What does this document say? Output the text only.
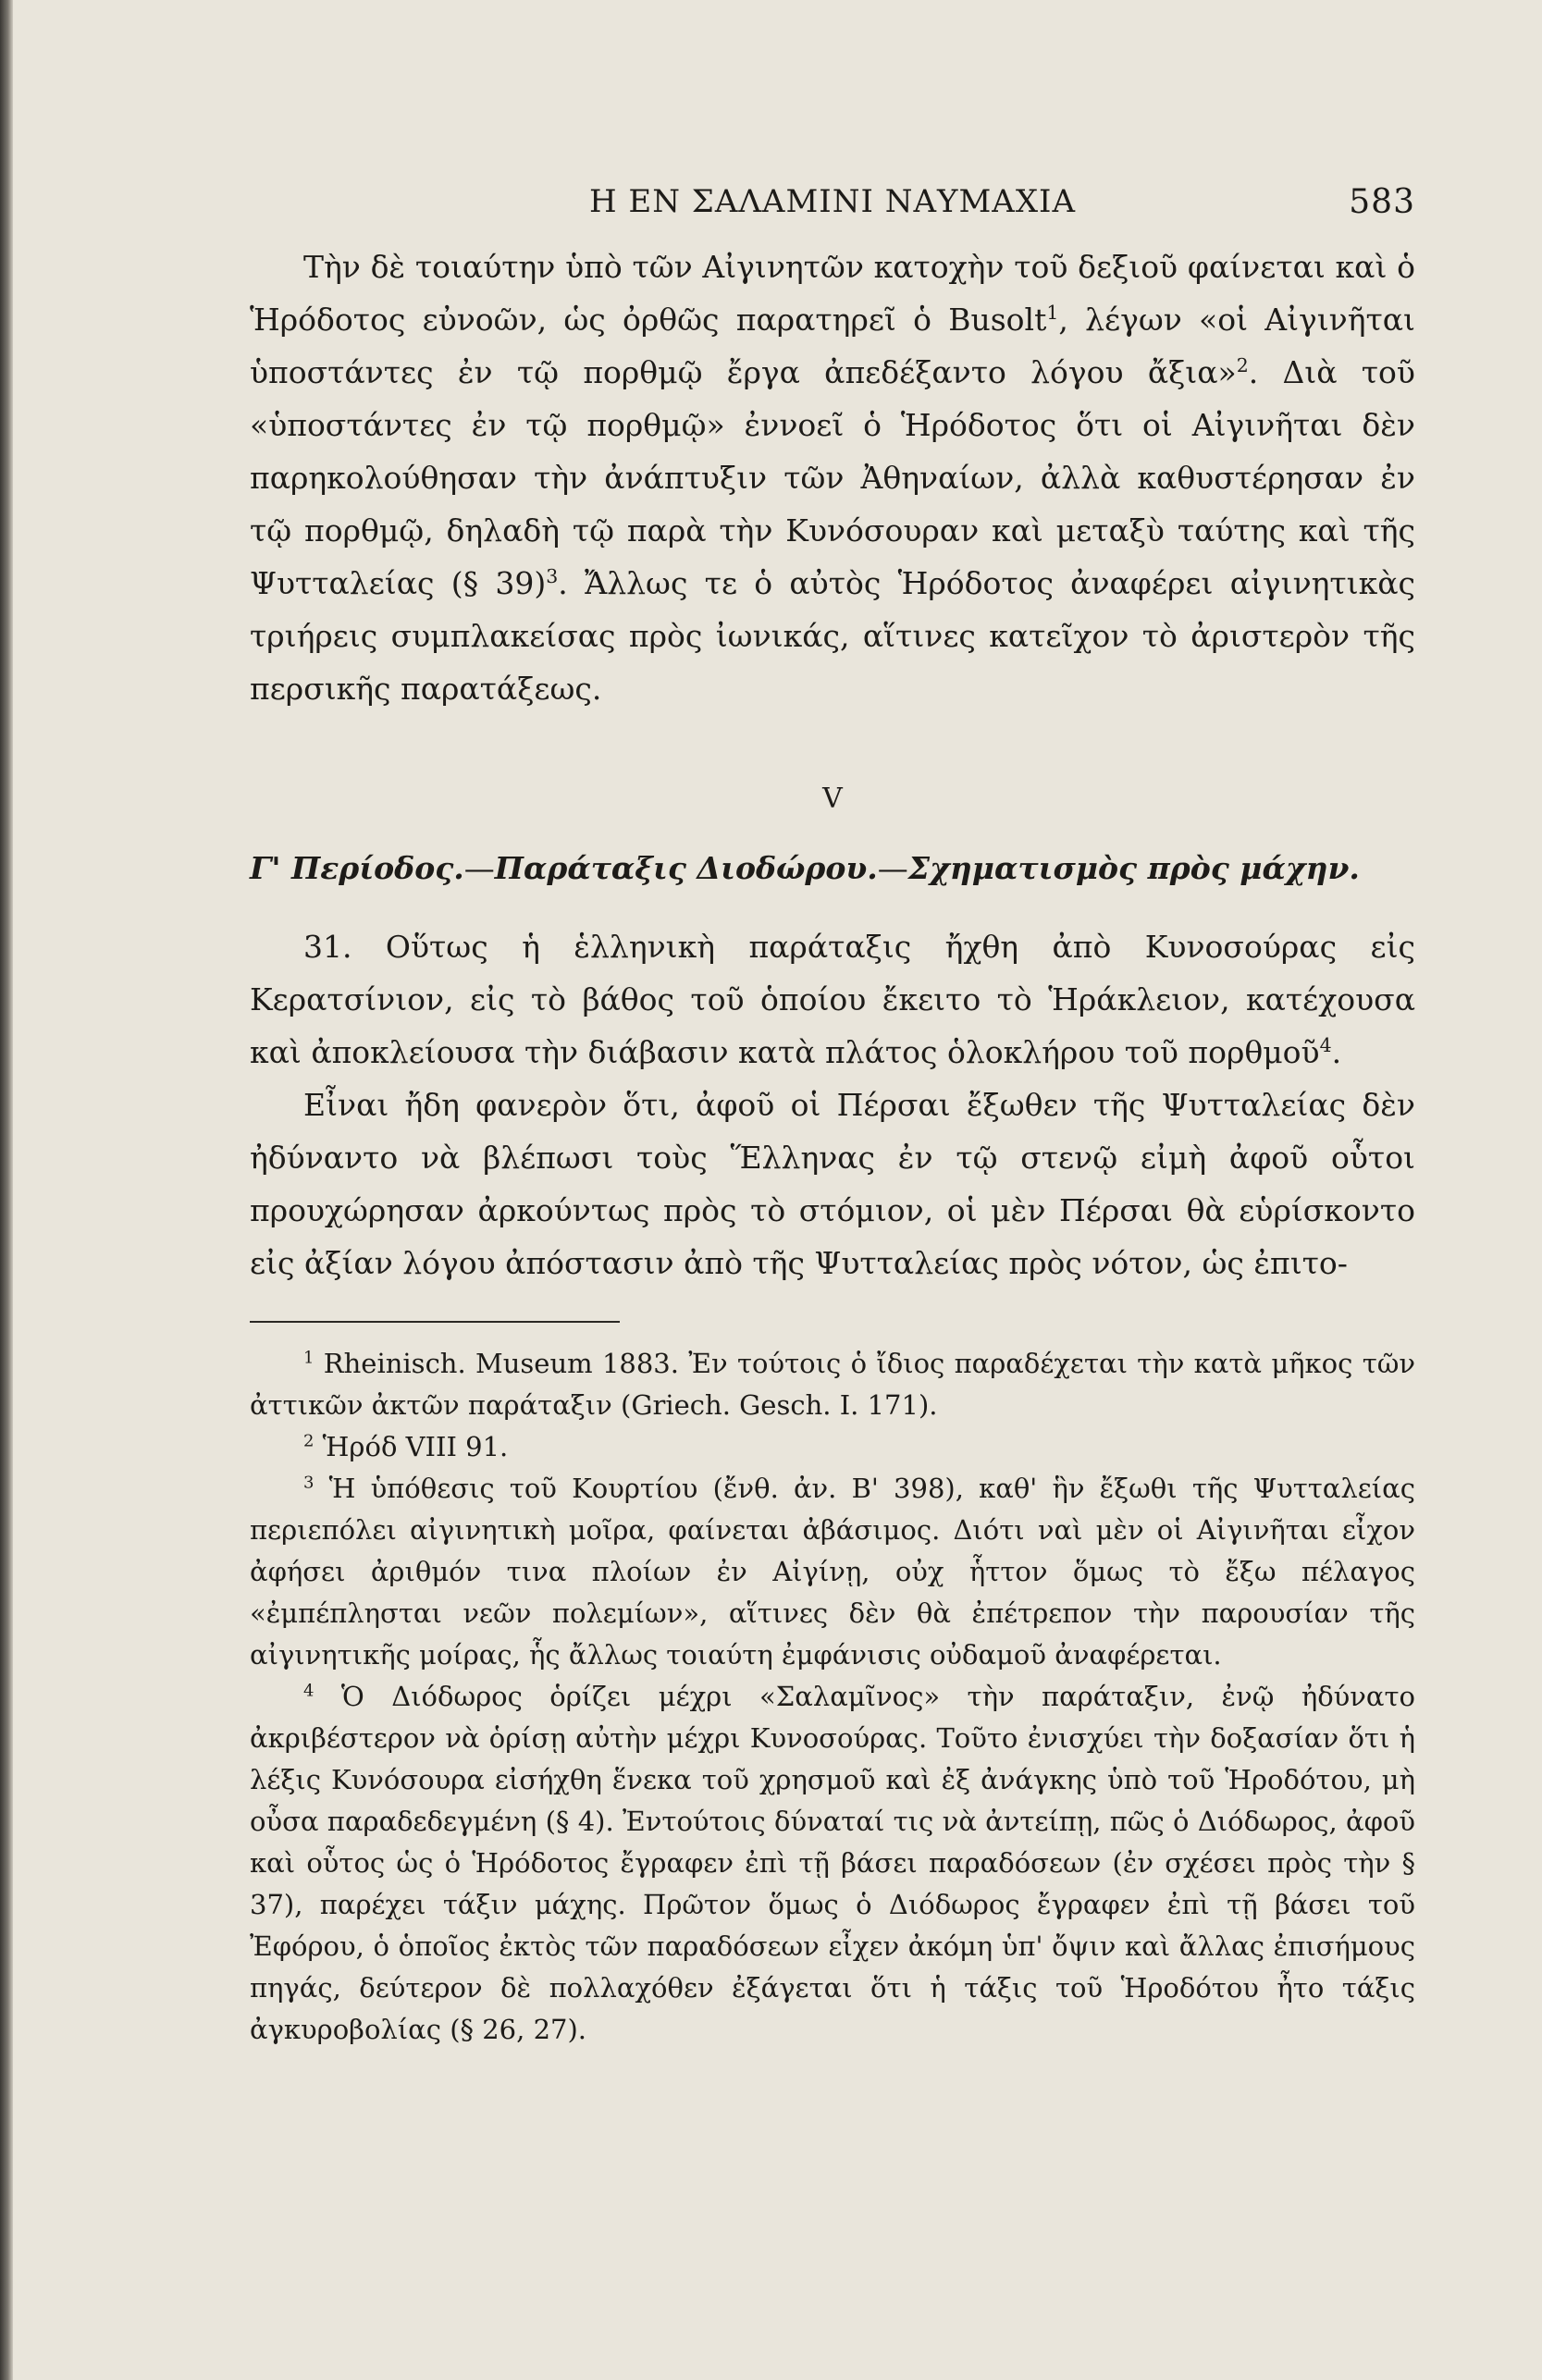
Η ΕΝ ΣΑΛΑΜΙΝΙ ΝΑΥΜΑΧΙΑ	583

Τὴν δὲ τοιαύτην ὑπὸ τῶν Αἰγινητῶν κατοχὴν τοῦ δεξιοῦ φαίνεται καὶ ὁ Ἡρόδοτος εὐνοῶν, ὡς ὀρθῶς παρατηρεῖ ὁ Busolt$^1$, λέγων «οἱ Αἰγινῆται ὑποστάντες ἐν τῷ πορθμῷ ἔργα ἀπεδέξαντο λόγου ἄξια»$^2$. Διὰ τοῦ «ὑποστάντες ἐν τῷ πορθμῷ» ἐννοεῖ ὁ Ἡρόδοτος ὅτι οἱ Αἰγινῆται δὲν παρηκολούθησαν τὴν ἀνάπτυξιν τῶν Ἀθηναίων, ἀλλὰ καθυστέρησαν ἐν τῷ πορθμῷ, δηλαδὴ τῷ παρὰ τὴν Κυνόσουραν καὶ μεταξὺ ταύτης καὶ τῆς Ψυτταλείας (§ 39)$^3$. Ἄλλως τε ὁ αὐτὸς Ἡρόδοτος ἀναφέρει αἰγινητικὰς τριήρεις συμπλακείσας πρὸς ἰωνικάς, αἵτινες κατεῖχον τὸ ἀριστερὸν τῆς περσικῆς παρατάξεως.

V
Γ' Περίοδος.—Παράταξις Διοδώρου.—Σχηματισμὸς πρὸς μάχην.

31. Οὕτως ἡ ἑλληνικὴ παράταξις ἤχθη ἀπὸ Κυνοσούρας εἰς Κερατσίνιον, εἰς τὸ βάθος τοῦ ὁποίου ἔκειτο τὸ Ἡράκλειον, κατέχουσα καὶ ἀποκλείουσα τὴν διάβασιν κατὰ πλάτος ὁλοκλήρου τοῦ πορθμοῦ$^4$.

Εἶναι ἤδη φανερὸν ὅτι, ἀφοῦ οἱ Πέρσαι ἔξωθεν τῆς Ψυτταλείας δὲν ἠδύναντο νὰ βλέπωσι τοὺς Ἕλληνας ἐν τῷ στενῷ εἰμὴ ἀφοῦ οὗτοι προυχώρησαν ἀρκούντως πρὸς τὸ στόμιον, οἱ μὲν Πέρσαι θὰ εὑρίσκοντο εἰς ἀξίαν λόγου ἀπόστασιν ἀπὸ τῆς Ψυτταλείας πρὸς νότον, ὡς ἐπιτο-

$^1$ Rheinisch. Museum 1883. Ἐν τούτοις ὁ ἴδιος παραδέχεται τὴν κατὰ μῆκος τῶν ἀττικῶν ἀκτῶν παράταξιν (Griech. Gesch. I. 171).

$^2$ Ἡρόδ VIII 91.

$^3$ Ἡ ὑπόθεσις τοῦ Κουρτίου (ἔνθ. ἀν. Β' 398), καθ' ἣν ἔξωθι τῆς Ψυτταλείας περιεπόλει αἰγινητικὴ μοῖρα, φαίνεται ἀβάσιμος. Διότι ναὶ μὲν οἱ Αἰγινῆται εἶχον ἀφήσει ἀριθμόν τινα πλοίων ἐν Αἰγίνῃ, οὐχ ἧττον ὅμως τὸ ἔξω πέλαγος «ἐμπέπλησται νεῶν πολεμίων», αἵτινες δὲν θὰ ἐπέτρεπον τὴν παρουσίαν τῆς αἰγινητικῆς μοίρας, ἧς ἄλλως τοιαύτη ἐμφάνισις οὐδαμοῦ ἀναφέρεται.

$^4$ Ὁ Διόδωρος ὁρίζει μέχρι «Σαλαμῖνος» τὴν παράταξιν, ἐνῷ ἠδύνατο ἀκριβέστερον νὰ ὁρίσῃ αὐτὴν μέχρι Κυνοσούρας. Τοῦτο ἐνισχύει τὴν δοξασίαν ὅτι ἡ λέξις Κυνόσουρα εἰσήχθη ἕνεκα τοῦ χρησμοῦ καὶ ἐξ ἀνάγκης ὑπὸ τοῦ Ἡροδότου, μὴ οὖσα παραδεδεγμένη (§ 4). Ἐντούτοις δύναταί τις νὰ ἀντείπῃ, πῶς ὁ Διόδωρος, ἀφοῦ καὶ οὗτος ὡς ὁ Ἡρόδοτος ἔγραφεν ἐπὶ τῇ βάσει παραδόσεων (ἐν σχέσει πρὸς τὴν § 37), παρέχει τάξιν μάχης. Πρῶτον ὅμως ὁ Διόδωρος ἔγραφεν ἐπὶ τῇ βάσει τοῦ Ἐφόρου, ὁ ὁποῖος ἐκτὸς τῶν παραδόσεων εἶχεν ἀκόμη ὑπ' ὄψιν καὶ ἄλλας ἐπισήμους πηγάς, δεύτερον δὲ πολλαχόθεν ἐξάγεται ὅτι ἡ τάξις τοῦ Ἡροδότου ἦτο τάξις ἀγκυροβολίας (§ 26, 27).
